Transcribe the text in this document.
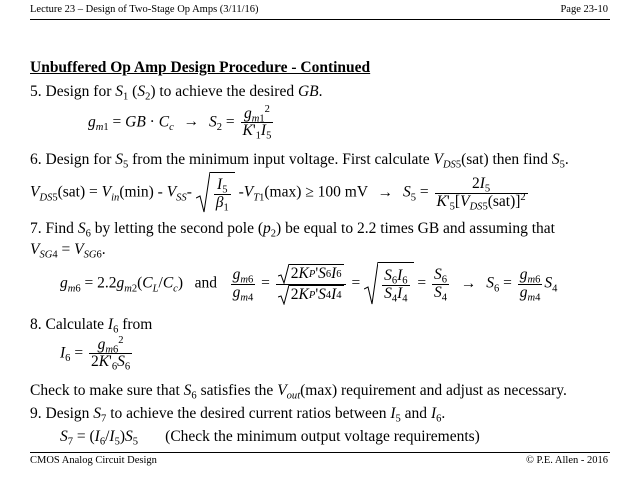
Lecture 23 – Design of Two-Stage Op Amps (3/11/16)	Page 23-10
Unbuffered Op Amp Design Procedure - Continued
5. Design for $S_1$ $(S_2)$ to achieve the desired GB.
$g_{m1}$ = GB · $C_c \to S_2 = \frac{g_{m1}^2}{K'_1I_5}$
6. Design for $S_5$ from the minimum input voltage. First calculate $V_{DS5}(sat)$ then find $S_5$.
$V_{DS5}(sat) = V_{in}(\min) - V_{SS}- \frac{I_5}{\beta_1} -V_{T1}(\max) \ge 100$ mV → $S_5 = \frac{2I_5}{K'_5[V_{DS5}(sat)]^2}$
7. Find $S_6$ by letting the second pole $(p_2)$ be equal to 2.2 times GB and assuming that
$V_{SG4} = V_{SG6}$.
$g_{m6} = 2.2g_{m2}(C_L/C_c)$   and $\frac{g_{m6}}{g_{m4}} = \frac{\text{2 K P ' S 6 I 6}}{\text{2 K P ' S 4 I 4}} = \frac{S_6I_6}{S_4I_4} = \frac{S_6}{S_4} \to S_6 = \frac{g_{m6}}{g_{m4}} S_4$
8. Calculate $I_6$ from
$I_6 = \frac{g_{m6}^2}{2K'_6S_6}$
Check to make sure that $S_6$ satisfies the $V_{out}(\max)$ requirement and adjust as necessary.
9. Design $S_7$ to achieve the desired current ratios between $I_5$ and $I_6$.
$S_7 = (I_6/I_5)S_5$ (Check the minimum output voltage requirements)
CMOS Analog Circuit Design	© P.E. Allen - 2016
